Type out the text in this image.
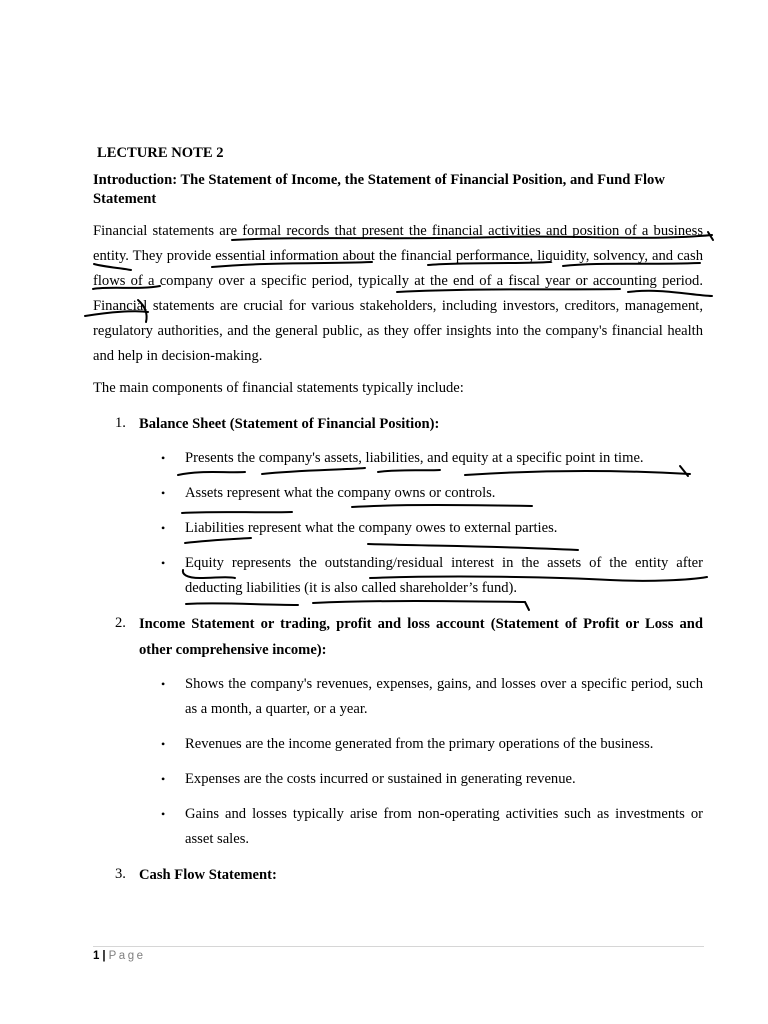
LECTURE NOTE 2
Introduction: The Statement of Income, the Statement of Financial Position, and Fund Flow Statement
Financial statements are formal records that present the financial activities and position of a business entity. They provide essential information about the financial performance, liquidity, solvency, and cash flows of a company over a specific period, typically at the end of a fiscal year or accounting period. Financial statements are crucial for various stakeholders, including investors, creditors, management, regulatory authorities, and the general public, as they offer insights into the company's financial health and help in decision-making.
The main components of financial statements typically include:
1. Balance Sheet (Statement of Financial Position):
• Presents the company's assets, liabilities, and equity at a specific point in time.
• Assets represent what the company owns or controls.
• Liabilities represent what the company owes to external parties.
• Equity represents the outstanding/residual interest in the assets of the entity after deducting liabilities (it is also called shareholder’s fund).
2. Income Statement or trading, profit and loss account (Statement of Profit or Loss and other comprehensive income):
• Shows the company's revenues, expenses, gains, and losses over a specific period, such as a month, a quarter, or a year.
• Revenues are the income generated from the primary operations of the business.
• Expenses are the costs incurred or sustained in generating revenue.
• Gains and losses typically arise from non-operating activities such as investments or asset sales.
3. Cash Flow Statement:
1 | Page
